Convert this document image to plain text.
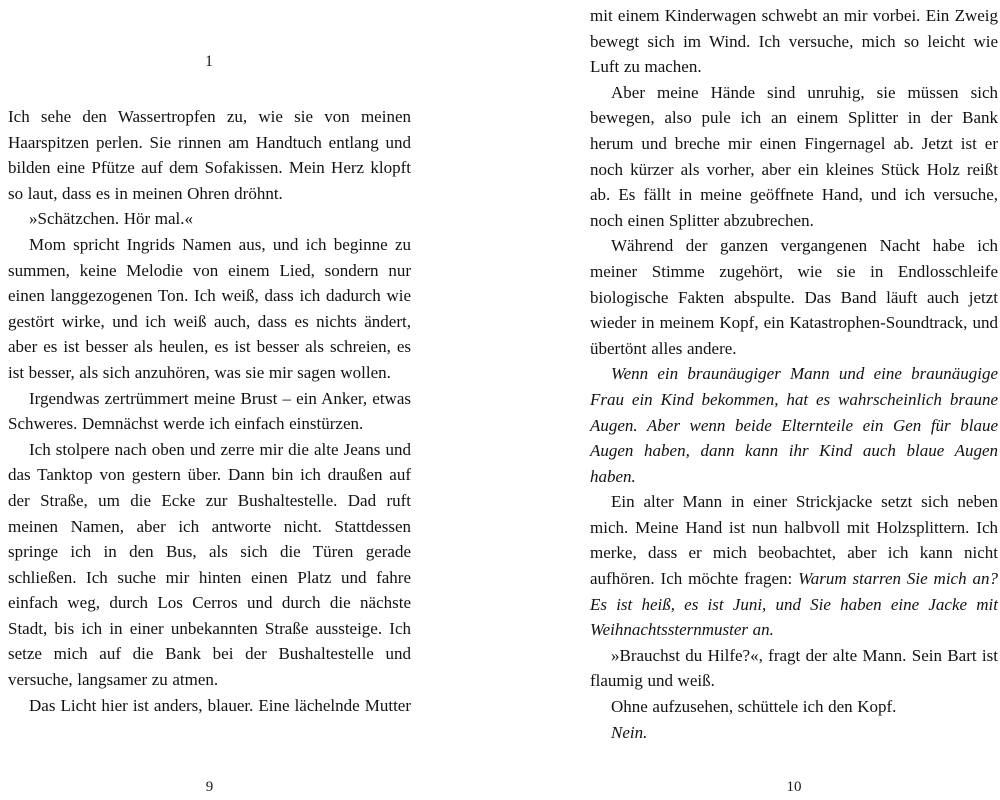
1

Ich sehe den Wassertropfen zu, wie sie von meinen Haarspitzen perlen. Sie rinnen am Handtuch entlang und bilden eine Pfütze auf dem Sofakissen. Mein Herz klopft so laut, dass es in meinen Ohren dröhnt.

»Schätzchen. Hör mal.«

Mom spricht Ingrids Namen aus, und ich beginne zu summen, keine Melodie von einem Lied, sondern nur einen langgezogenen Ton. Ich weiß, dass ich dadurch wie gestört wirke, und ich weiß auch, dass es nichts ändert, aber es ist besser als heulen, es ist besser als schreien, es ist besser, als sich anzuhören, was sie mir sagen wollen.

Irgendwas zertrümmert meine Brust – ein Anker, etwas Schweres. Demnächst werde ich einfach einstürzen.

Ich stolpere nach oben und zerre mir die alte Jeans und das Tanktop von gestern über. Dann bin ich draußen auf der Straße, um die Ecke zur Bushaltestelle. Dad ruft meinen Namen, aber ich antworte nicht. Stattdessen springe ich in den Bus, als sich die Türen gerade schließen. Ich suche mir hinten einen Platz und fahre einfach weg, durch Los Cerros und durch die nächste Stadt, bis ich in einer unbekannten Straße aussteige. Ich setze mich auf die Bank bei der Bushaltestelle und versuche, langsamer zu atmen.

Das Licht hier ist anders, blauer. Eine lächelnde Mutter

9

mit einem Kinderwagen schwebt an mir vorbei. Ein Zweig bewegt sich im Wind. Ich versuche, mich so leicht wie Luft zu machen.

Aber meine Hände sind unruhig, sie müssen sich bewegen, also pule ich an einem Splitter in der Bank herum und breche mir einen Fingernagel ab. Jetzt ist er noch kürzer als vorher, aber ein kleines Stück Holz reißt ab. Es fällt in meine geöffnete Hand, und ich versuche, noch einen Splitter abzubrechen.

Während der ganzen vergangenen Nacht habe ich meiner Stimme zugehört, wie sie in Endlosschleife biologische Fakten abspulte. Das Band läuft auch jetzt wieder in meinem Kopf, ein Katastrophen-Soundtrack, und übertönt alles andere.

Wenn ein braunäugiger Mann und eine braunäugige Frau ein Kind bekommen, hat es wahrscheinlich braune Augen. Aber wenn beide Elternteile ein Gen für blaue Augen haben, dann kann ihr Kind auch blaue Augen haben.

Ein alter Mann in einer Strickjacke setzt sich neben mich. Meine Hand ist nun halbvoll mit Holzsplittern. Ich merke, dass er mich beobachtet, aber ich kann nicht aufhören. Ich möchte fragen: Warum starren Sie mich an? Es ist heiß, es ist Juni, und Sie haben eine Jacke mit Weihnachtssternmuster an.

»Brauchst du Hilfe?«, fragt der alte Mann. Sein Bart ist flaumig und weiß.

Ohne aufzusehen, schüttele ich den Kopf.

Nein.

10
